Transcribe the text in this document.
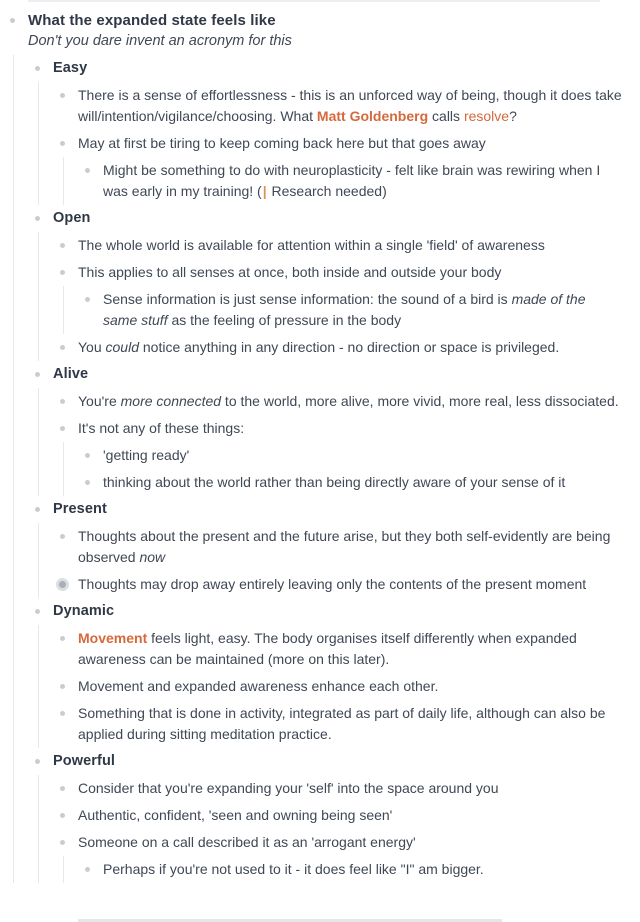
What the expanded state feels like
Don't you dare invent an acronym for this
Easy
There is a sense of effortlessness - this is an unforced way of being, though it does take will/intention/vigilance/choosing. What Matt Goldenberg calls resolve?
May at first be tiring to keep coming back here but that goes away
Might be something to do with neuroplasticity - felt like brain was rewiring when I was early in my training! (| Research needed)
Open
The whole world is available for attention within a single 'field' of awareness
This applies to all senses at once, both inside and outside your body
Sense information is just sense information: the sound of a bird is made of the same stuff as the feeling of pressure in the body
You could notice anything in any direction - no direction or space is privileged.
Alive
You're more connected to the world, more alive, more vivid, more real, less dissociated.
It's not any of these things:
'getting ready'
thinking about the world rather than being directly aware of your sense of it
Present
Thoughts about the present and the future arise, but they both self-evidently are being observed now
Thoughts may drop away entirely leaving only the contents of the present moment
Dynamic
Movement feels light, easy. The body organises itself differently when expanded awareness can be maintained (more on this later).
Movement and expanded awareness enhance each other.
Something that is done in activity, integrated as part of daily life, although can also be applied during sitting meditation practice.
Powerful
Consider that you're expanding your 'self' into the space around you
Authentic, confident, 'seen and owning being seen'
Someone on a call described it as an 'arrogant energy'
Perhaps if you're not used to it - it does feel like "I" am bigger.
